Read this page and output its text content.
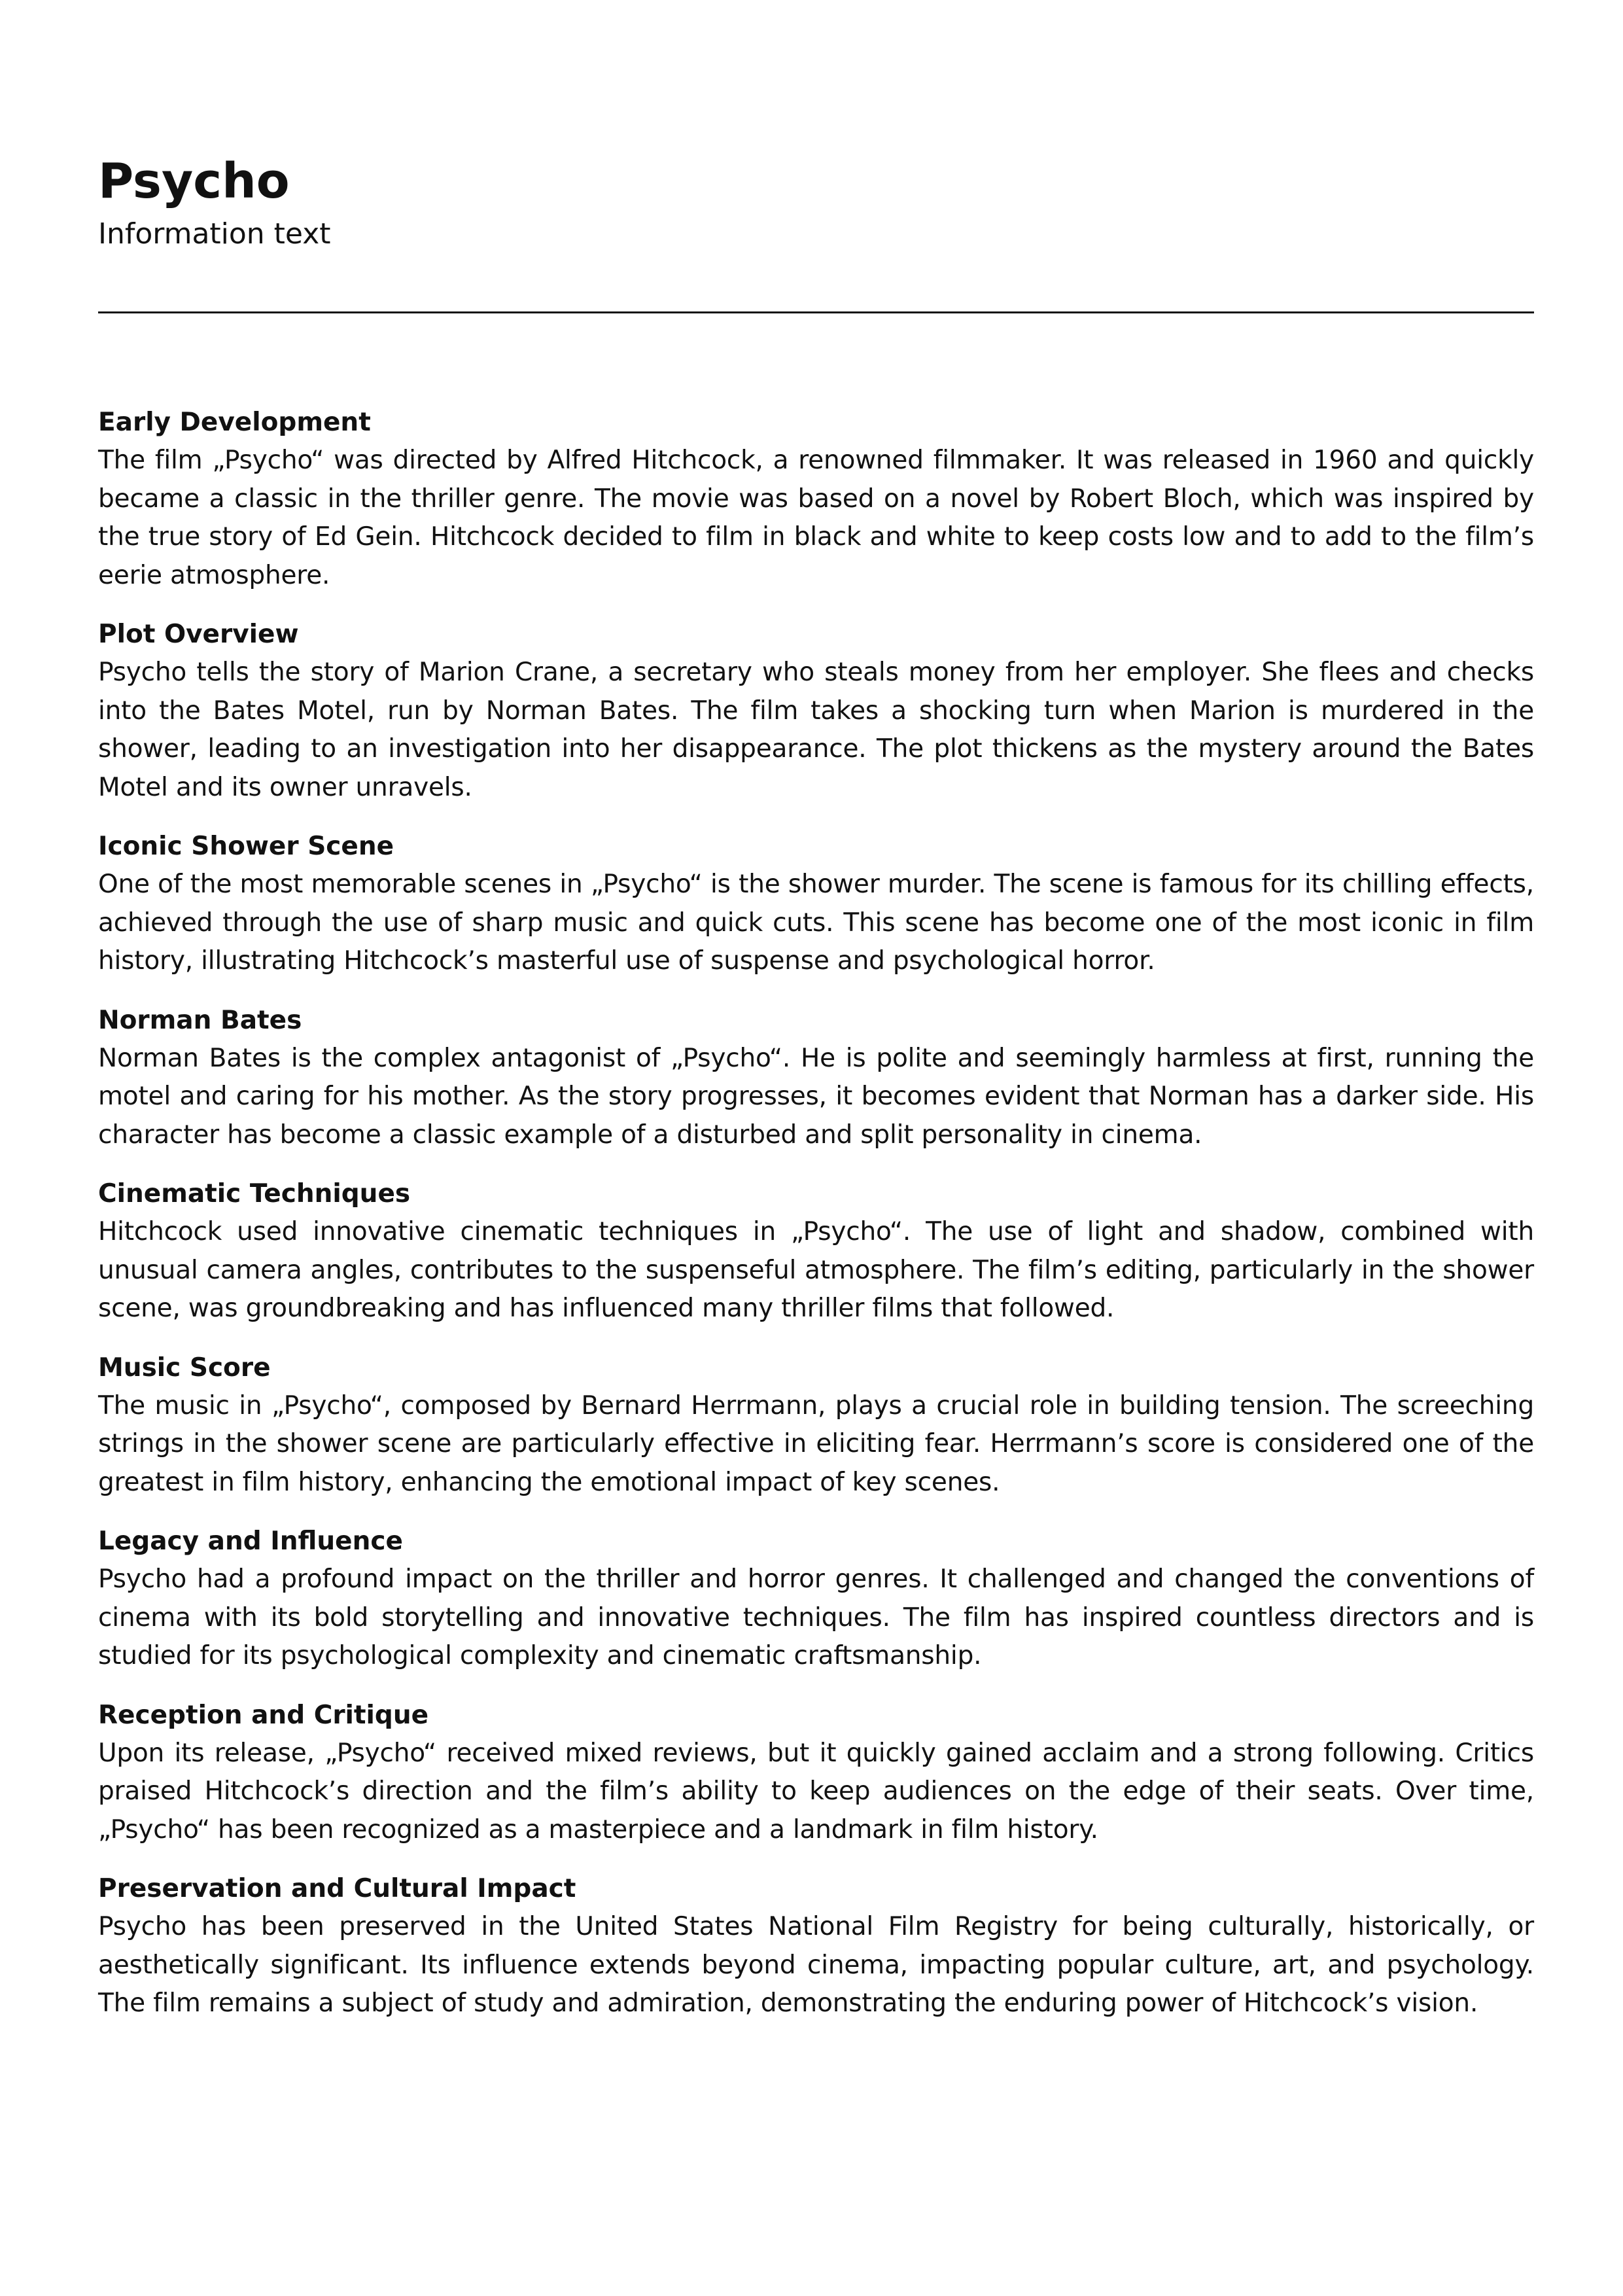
Psycho
Information text
Early Development

The film „Psycho“ was directed by Alfred Hitchcock, a renowned filmmaker. It was released in 1960 and quickly became a classic in the thriller genre. The movie was based on a novel by Robert Bloch, which was inspired by the true story of Ed Gein. Hitchcock decided to film in black and white to keep costs low and to add to the film’s eerie atmosphere.

Plot Overview

Psycho tells the story of Marion Crane, a secretary who steals money from her employer. She flees and checks into the Bates Motel, run by Norman Bates. The film takes a shocking turn when Marion is murdered in the shower, leading to an investigation into her disappearance. The plot thickens as the mystery around the Bates Motel and its owner unravels.

Iconic Shower Scene

One of the most memorable scenes in „Psycho“ is the shower murder. The scene is famous for its chilling effects, achieved through the use of sharp music and quick cuts. This scene has become one of the most iconic in film history, illustrating Hitchcock’s masterful use of suspense and psychological horror.

Norman Bates

Norman Bates is the complex antagonist of „Psycho“. He is polite and seemingly harmless at first, running the motel and caring for his mother. As the story progresses, it becomes evident that Norman has a darker side. His character has become a classic example of a disturbed and split personality in cinema.

Cinematic Techniques

Hitchcock used innovative cinematic techniques in „Psycho“. The use of light and shadow, combined with unusual camera angles, contributes to the suspenseful atmosphere. The film’s editing, particularly in the shower scene, was groundbreaking and has influenced many thriller films that followed.

Music Score

The music in „Psycho“, composed by Bernard Herrmann, plays a crucial role in building tension. The screeching strings in the shower scene are particularly effective in eliciting fear. Herrmann’s score is considered one of the greatest in film history, enhancing the emotional impact of key scenes.

Legacy and Influence

Psycho had a profound impact on the thriller and horror genres. It challenged and changed the conventions of cinema with its bold storytelling and innovative techniques. The film has inspired countless directors and is studied for its psychological complexity and cinematic craftsmanship.

Reception and Critique

Upon its release, „Psycho“ received mixed reviews, but it quickly gained acclaim and a strong following. Critics praised Hitchcock’s direction and the film’s ability to keep audiences on the edge of their seats. Over time, „Psycho“ has been recognized as a masterpiece and a landmark in film history.

Preservation and Cultural Impact

Psycho has been preserved in the United States National Film Registry for being culturally, historically, or aesthetically significant. Its influence extends beyond cinema, impacting popular culture, art, and psychology. The film remains a subject of study and admiration, demonstrating the enduring power of Hitchcock’s vision.
